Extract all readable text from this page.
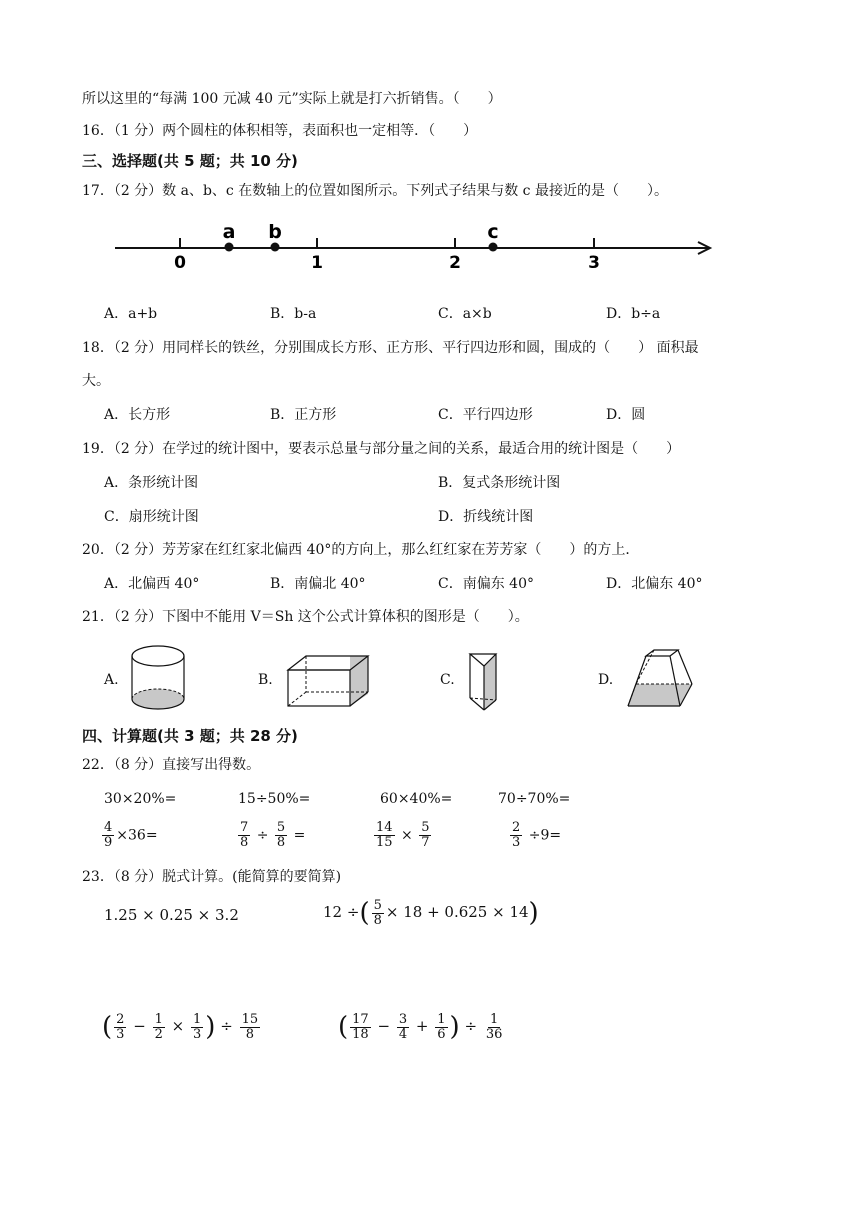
所以这里的“每满 100 元减 40 元”实际上就是打六折销售。（　　）
16．（1 分）两个圆柱的体积相等，表面积也一定相等．（　　）
三、选择题(共 5 题；共 10 分)
17．（2 分）数 a、b、c 在数轴上的位置如图所示。下列式子结果与数 c 最接近的是（　　）。
0	1	2	3
a b	c
A．a+b	B．b-a	C．a×b	D．b÷a
18．（2 分）用同样长的铁丝，分别围成长方形、正方形、平行四边形和圆，围成的（　　） 面积最
大。
A．长方形	B．正方形	C．平行四边形	D．圆
19．（2 分）在学过的统计图中，要表示总量与部分量之间的关系，最适合用的统计图是（　　）
A．条形统计图	B．复式条形统计图
C．扇形统计图	D．折线统计图
20．（2 分）芳芳家在红红家北偏西 40°的方向上，那么红红家在芳芳家（　　）的方上．
A．北偏西 40°	B．南偏北 40°	C．南偏东 40°	D．北偏东 40°
21．（2 分）下图中不能用 V＝Sh 这个公式计算体积的图形是（　　）。
A.	B.	C.	D.
四、计算题(共 3 题；共 28 分)
22．（8 分）直接写出得数。
30×20%=	15÷50%=	60×40%=	70÷70%=
$\frac{4}{9} \times 36=$	$\frac{7}{8} \div \frac{5}{8}$ =	$\frac{14}{15} \times \frac{5}{7}$	$\frac{2}{3} \div 9=$
23．（8 分）脱式计算。(能简算的要简算)
1.25 × 0.25 × 3.2	12 ÷( $\frac{5}{8} \times 18 + 0.625 \times 14$)
( $\frac{2}{3} - \frac{1}{2} \times \frac{1}{3}$ ) ÷ $\frac{15}{8}$	( $\frac{17}{18} - \frac{3}{4} + \frac{1}{6}$ ) ÷ $\frac{1}{36}$
